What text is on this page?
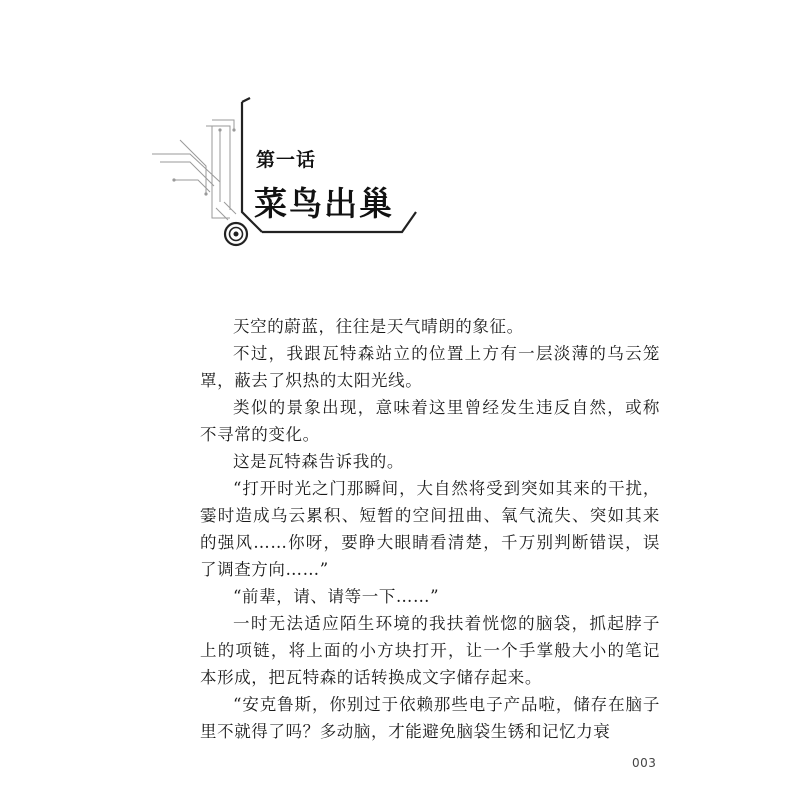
第一话
菜鸟出巢

天空的蔚蓝，往往是天气晴朗的象征。

不过，我跟瓦特森站立的位置上方有一层淡薄的乌云笼罩，蔽去了炽热的太阳光线。

类似的景象出现，意味着这里曾经发生违反自然，或称不寻常的变化。

这是瓦特森告诉我的。

“打开时光之门那瞬间，大自然将受到突如其来的干扰，霎时造成乌云累积、短暂的空间扭曲、氧气流失、突如其来的强风……你呀，要睁大眼睛看清楚，千万别判断错误，误了调查方向……”

“前辈，请、请等一下……”

一时无法适应陌生环境的我扶着恍惚的脑袋，抓起脖子上的项链，将上面的小方块打开，让一个手掌般大小的笔记本形成，把瓦特森的话转换成文字储存起来。

“安克鲁斯，你别过于依赖那些电子产品啦，储存在脑子里不就得了吗？多动脑，才能避免脑袋生锈和记忆力衰

003
